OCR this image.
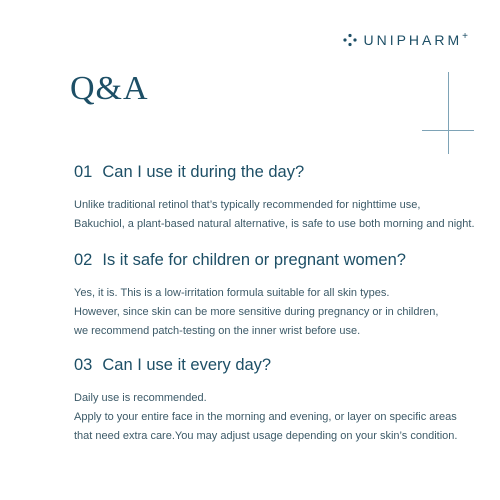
UNIPHARM+
Q&A
01 Can I use it during the day?

Unlike traditional retinol that’s typically recommended for nighttime use,

Bakuchiol, a plant-based natural alternative, is safe to use both morning and night.

02 Is it safe for children or pregnant women?

Yes, it is. This is a low-irritation formula suitable for all skin types.

However, since skin can be more sensitive during pregnancy or in children,

we recommend patch-testing on the inner wrist before use.

03 Can I use it every day?

Daily use is recommended.

Apply to your entire face in the morning and evening, or layer on specific areas

that need extra care.You may adjust usage depending on your skin’s condition.
